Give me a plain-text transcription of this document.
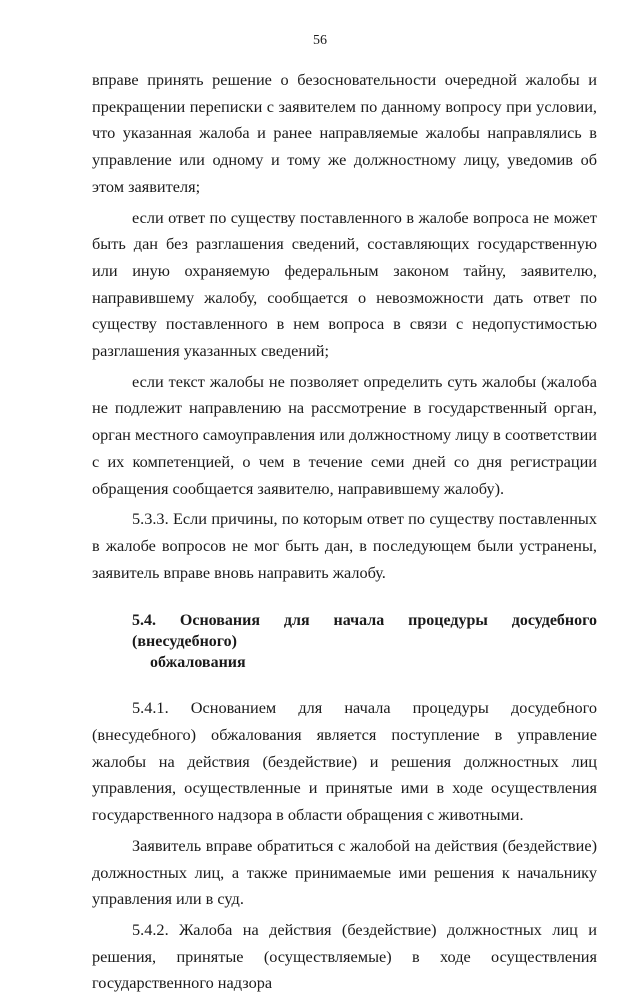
56

вправе принять решение о безосновательности очередной жалобы и прекращении переписки с заявителем по данному вопросу при условии, что указанная жалоба и ранее направляемые жалобы направлялись в управление или одному и тому же должностному лицу, уведомив об этом заявителя;

если ответ по существу поставленного в жалобе вопроса не может быть дан без разглашения сведений, составляющих государственную или иную охраняемую федеральным законом тайну, заявителю, направившему жалобу, сообщается о невозможности дать ответ по существу поставленного в нем вопроса в связи с недопустимостью разглашения указанных сведений;

если текст жалобы не позволяет определить суть жалобы (жалоба не подлежит направлению на рассмотрение в государственный орган, орган местного самоуправления или должностному лицу в соответствии с их компетенцией, о чем в течение семи дней со дня регистрации обращения сообщается заявителю, направившему жалобу).

5.3.3. Если причины, по которым ответ по существу поставленных в жалобе вопросов не мог быть дан, в последующем были устранены, заявитель вправе вновь направить жалобу.

5.4. Основания для начала процедуры досудебного (внесудебного)
обжалования

5.4.1. Основанием для начала процедуры досудебного (внесудебного) обжалования является поступление в управление жалобы на действия (бездействие) и решения должностных лиц управления, осуществленные и принятые ими в ходе осуществления государственного надзора в области обращения с животными.

Заявитель вправе обратиться с жалобой на действия (бездействие) должностных лиц, а также принимаемые ими решения к начальнику управления или в суд.

5.4.2. Жалоба на действия (бездействие) должностных лиц и решения, принятые (осуществляемые) в ходе осуществления государственного надзора
